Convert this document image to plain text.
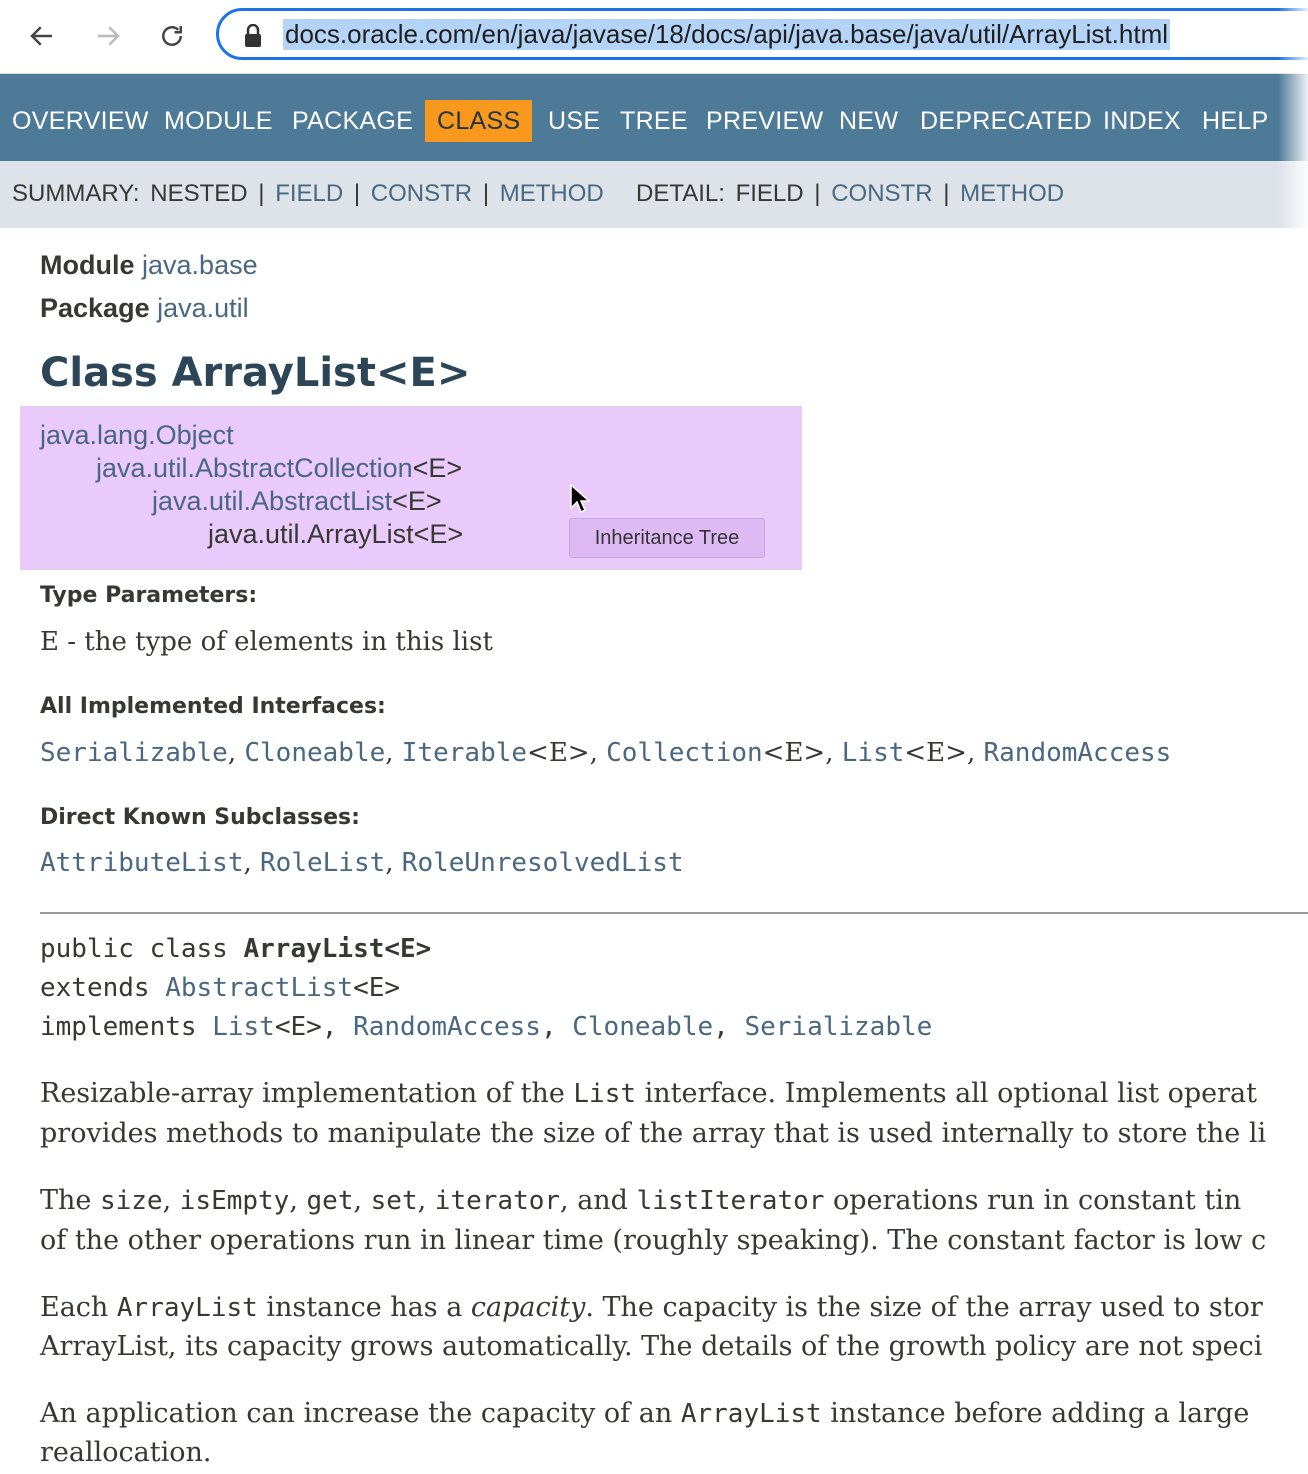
docs.oracle.com/en/java/javase/18/docs/api/java.base/java/util/ArrayList.html
OVERVIEW MODULE PACKAGE CLASS	USE TREE PREVIEW NEW DEPRECATED INDEX HELP
SUMMARY: NESTED | FIELD | CONSTR | METHOD DETAIL: FIELD | CONSTR | METHOD
Module java.base
Package java.util
Class ArrayList<E>
java.lang.Object
java.util.AbstractCollection<E>
java.util.AbstractList<E>
java.util.ArrayList<E>	Inheritance Tree
Type Parameters:
E - the type of elements in this list
All Implemented Interfaces:
Serializable, Cloneable, Iterable<E>, Collection<E>, List<E>, RandomAccess
Direct Known Subclasses:
AttributeList, RoleList, RoleUnresolvedList
public class ArrayList<E>
extends AbstractList<E>
implements List<E>, RandomAccess, Cloneable, Serializable
Resizable-array implementation of the List interface. Implements all optional list operat
provides methods to manipulate the size of the array that is used internally to store the li
The size, isEmpty, get, set, iterator, and listIterator operations run in constant tin
of the other operations run in linear time (roughly speaking). The constant factor is low c
Each ArrayList instance has a capacity. The capacity is the size of the array used to stor
ArrayList, its capacity grows automatically. The details of the growth policy are not speci
An application can increase the capacity of an ArrayList instance before adding a large
reallocation.
